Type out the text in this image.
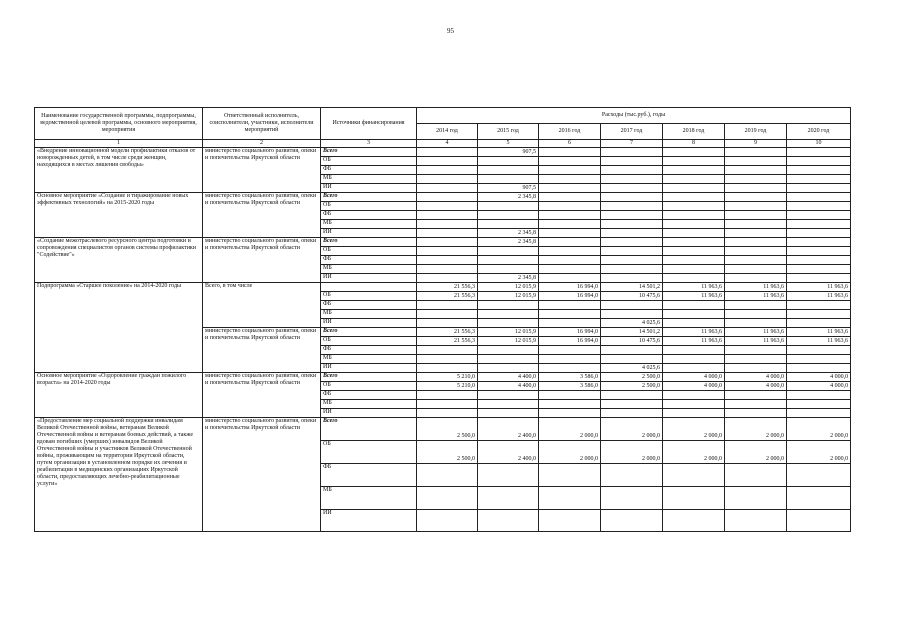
95
Наименование государственной программы, подпрограммы, ведомственной целевой программы, основного мероприятия, мероприятия	Ответственный исполнитель, соисполнители, участники, исполнители мероприятий	Источники финансирования	Расходы (тыс.руб.), годы						
			2014 год	2015 год	2016 год	2017 год	2018 год	2019 год	2020 год
1	2	3	4	5	6	7	8	9	10
«Внедрение инновационной модели профилактики отказов от новорожденных детей, в том числе среди женщин, находящихся в местах лишения свободы»	министерство социального развития, опеки и попечительства Иркутской области	Всего		907,5					
		ОБ							
		ФБ							
		МБ							
		ИИ		907,5					
Основное мероприятие «Создание и тиражирование новых эффективных технологий» на 2015-2020 годы	министерство социального развития, опеки и попечительства Иркутской области	Всего		2 345,8					
		ОБ							
		ФБ							
		МБ							
		ИИ		2 345,8					
«Создание межотраслевого ресурсного центра подготовки и сопровождения специалистов органов системы профилактики "Содействие"»	министерство социального развития, опеки и попечительства Иркутской области	Всего		2 345,8					
		ОБ							
		ФБ							
		МБ							
		ИИ		2 345,8					
Подпрограмма «Старшее поколение» на 2014-2020 годы	Всего, в том числе		21 556,3	12 015,9	16 994,0	14 501,2	11 963,6	11 963,6	11 963,6
		ОБ	21 556,3	12 015,9	16 994,0	10 475,6	11 963,6	11 963,6	11 963,6
		ФБ							
		МБ							
		ИИ				4 025,6			
	министерство социального развития, опеки и попечительства Иркутской области	Всего	21 556,3	12 015,9	16 994,0	14 501,2	11 963,6	11 963,6	11 963,6
		ОБ	21 556,3	12 015,9	16 994,0	10 475,6	11 963,6	11 963,6	11 963,6
		ФБ							
		МБ							
		ИИ				4 025,6			
Основное мероприятие «Оздоровление граждан пожилого возраста» на 2014-2020 годы	министерство социального развития, опеки и попечительства Иркутской области	Всего	5 210,0	4 400,0	3 586,0	2 500,0	4 000,0	4 000,0	4 000,0
		ОБ	5 210,0	4 400,0	3 586,0	2 500,0	4 000,0	4 000,0	4 000,0
		ФБ							
		МБ							
		ИИ							
«Предоставление мер социальной поддержки инвалидам Великой Отечественной войны, ветеранам Великой Отечественной войны и ветеранам боевых действий, а также вдовам погибших (умерших) инвалидов Великой Отечественной войны и участников Великой Отечественной войны, проживающим на территории Иркутской области, путем организации в установленном порядке их лечения и реабилитации в медицинских организациях Иркутской области, предоставляющих лечебно-реабилитационные услуги»	министерство социального развития, опеки и попечительства Иркутской области	Всего	2 500,0	2 400,0	2 000,0	2 000,0	2 000,0	2 000,0	2 000,0
		ОБ	2 500,0	2 400,0	2 000,0	2 000,0	2 000,0	2 000,0	2 000,0
		ФБ							
		МБ							
		ИИ							
